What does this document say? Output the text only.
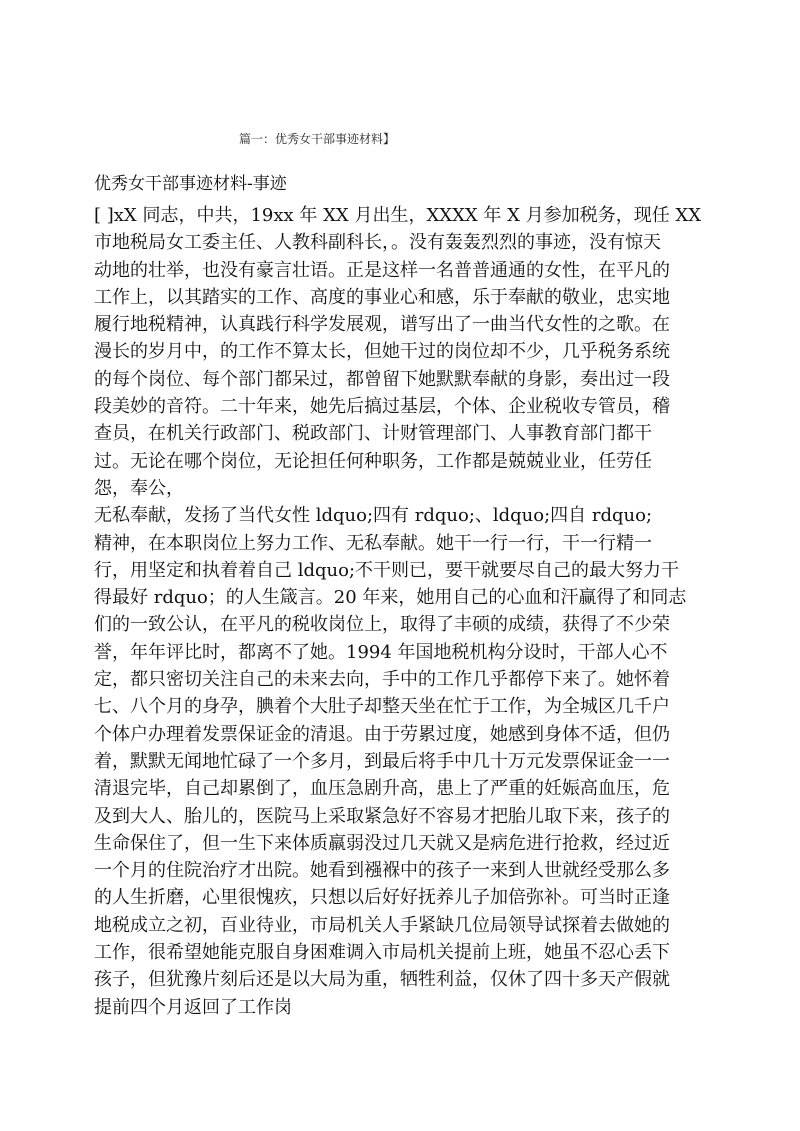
篇一：优秀女干部事迹材料】
优秀女干部事迹材料-事迹
[ ]xX 同志，中共，19xx 年 XX 月出生，XXXX 年 X 月参加税务，现任 XX
市地税局女工委主任、人教科副科长，。没有轰轰烈烈的事迹，没有惊天
动地的壮举，也没有豪言壮语。正是这样一名普普通通的女性，在平凡的
工作上，以其踏实的工作、高度的事业心和感，乐于奉献的敬业，忠实地
履行地税精神，认真践行科学发展观，谱写出了一曲当代女性的之歌。在
漫长的岁月中，的工作不算太长，但她干过的岗位却不少，几乎税务系统
的每个岗位、每个部门都呆过，都曾留下她默默奉献的身影，奏出过一段
段美妙的音符。二十年来，她先后搞过基层，个体、企业税收专管员，稽
查员，在机关行政部门、税政部门、计财管理部门、人事教育部门都干
过。无论在哪个岗位，无论担任何种职务，工作都是兢兢业业，任劳任
怨，奉公，
无私奉献，发扬了当代女性 ldquo;四有 rdquo;、ldquo;四自 rdquo;
精神，在本职岗位上努力工作、无私奉献。她干一行一行，干一行精一
行，用坚定和执着着自己 ldquo;不干则已，要干就要尽自己的最大努力干
得最好 rdquo；的人生箴言。20 年来，她用自己的心血和汗赢得了和同志
们的一致公认，在平凡的税收岗位上，取得了丰硕的成绩，获得了不少荣
誉，年年评比时，都离不了她。1994 年国地税机构分设时，干部人心不
定，都只密切关注自己的未来去向，手中的工作几乎都停下来了。她怀着
七、八个月的身孕，腆着个大肚子却整天坐在忙于工作，为全城区几千户
个体户办理着发票保证金的清退。由于劳累过度，她感到身体不适，但仍
着，默默无闻地忙碌了一个多月，到最后将手中几十万元发票保证金一一
清退完毕，自己却累倒了，血压急剧升高，患上了严重的妊娠高血压，危
及到大人、胎儿的，医院马上采取紧急好不容易才把胎儿取下来，孩子的
生命保住了，但一生下来体质羸弱没过几天就又是病危进行抢救，经过近
一个月的住院治疗才出院。她看到襁褓中的孩子一来到人世就经受那么多
的人生折磨，心里很愧疚，只想以后好好抚养儿子加倍弥补。可当时正逢
地税成立之初，百业待业，市局机关人手紧缺几位局领导试探着去做她的
工作，很希望她能克服自身困难调入市局机关提前上班，她虽不忍心丢下
孩子，但犹豫片刻后还是以大局为重，牺牲利益，仅休了四十多天产假就
提前四个月返回了工作岗
